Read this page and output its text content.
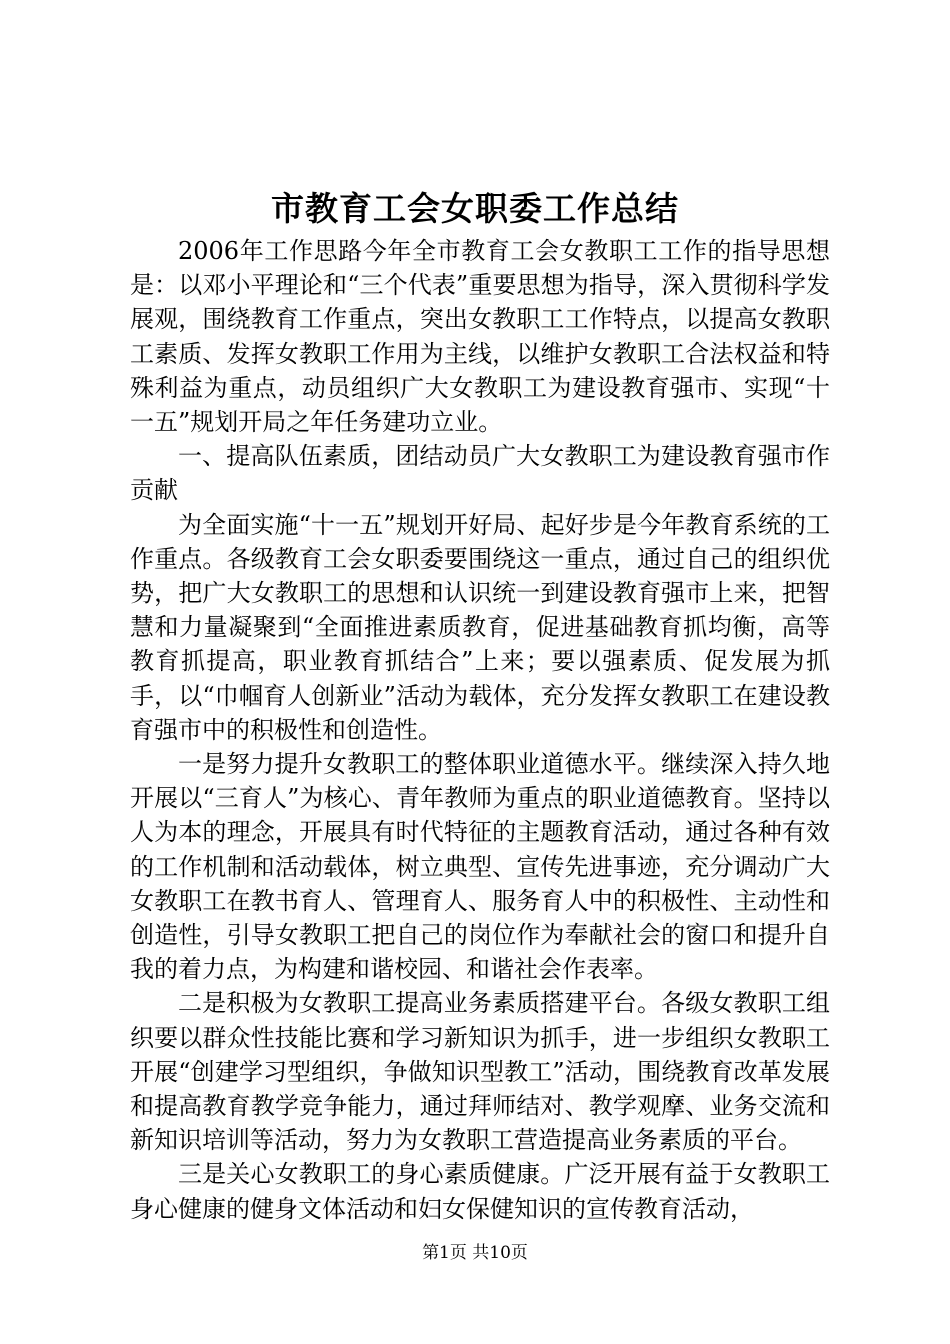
市教育工会女职委工作总结

2006年工作思路今年全市教育工会女教职工工作的指导思想是：以邓小平理论和“三个代表”重要思想为指导，深入贯彻科学发展观，围绕教育工作重点，突出女教职工工作特点，以提高女教职工素质、发挥女教职工作用为主线，以维护女教职工合法权益和特殊利益为重点，动员组织广大女教职工为建设教育强市、实现“十一五”规划开局之年任务建功立业。

一、提高队伍素质，团结动员广大女教职工为建设教育强市作贡献

为全面实施“十一五”规划开好局、起好步是今年教育系统的工作重点。各级教育工会女职委要围绕这一重点，通过自己的组织优势，把广大女教职工的思想和认识统一到建设教育强市上来，把智慧和力量凝聚到“全面推进素质教育，促进基础教育抓均衡，高等教育抓提高，职业教育抓结合”上来；要以强素质、促发展为抓手，以“巾帼育人创新业”活动为载体，充分发挥女教职工在建设教育强市中的积极性和创造性。

一是努力提升女教职工的整体职业道德水平。继续深入持久地开展以“三育人”为核心、青年教师为重点的职业道德教育。坚持以人为本的理念，开展具有时代特征的主题教育活动，通过各种有效的工作机制和活动载体，树立典型、宣传先进事迹，充分调动广大女教职工在教书育人、管理育人、服务育人中的积极性、主动性和创造性，引导女教职工把自己的岗位作为奉献社会的窗口和提升自我的着力点，为构建和谐校园、和谐社会作表率。

二是积极为女教职工提高业务素质搭建平台。各级女教职工组织要以群众性技能比赛和学习新知识为抓手，进一步组织女教职工开展“创建学习型组织，争做知识型教工”活动，围绕教育改革发展和提高教育教学竞争能力，通过拜师结对、教学观摩、业务交流和新知识培训等活动，努力为女教职工营造提高业务素质的平台。

三是关心女教职工的身心素质健康。广泛开展有益于女教职工身心健康的健身文体活动和妇女保健知识的宣传教育活动，

第1页 共10页
